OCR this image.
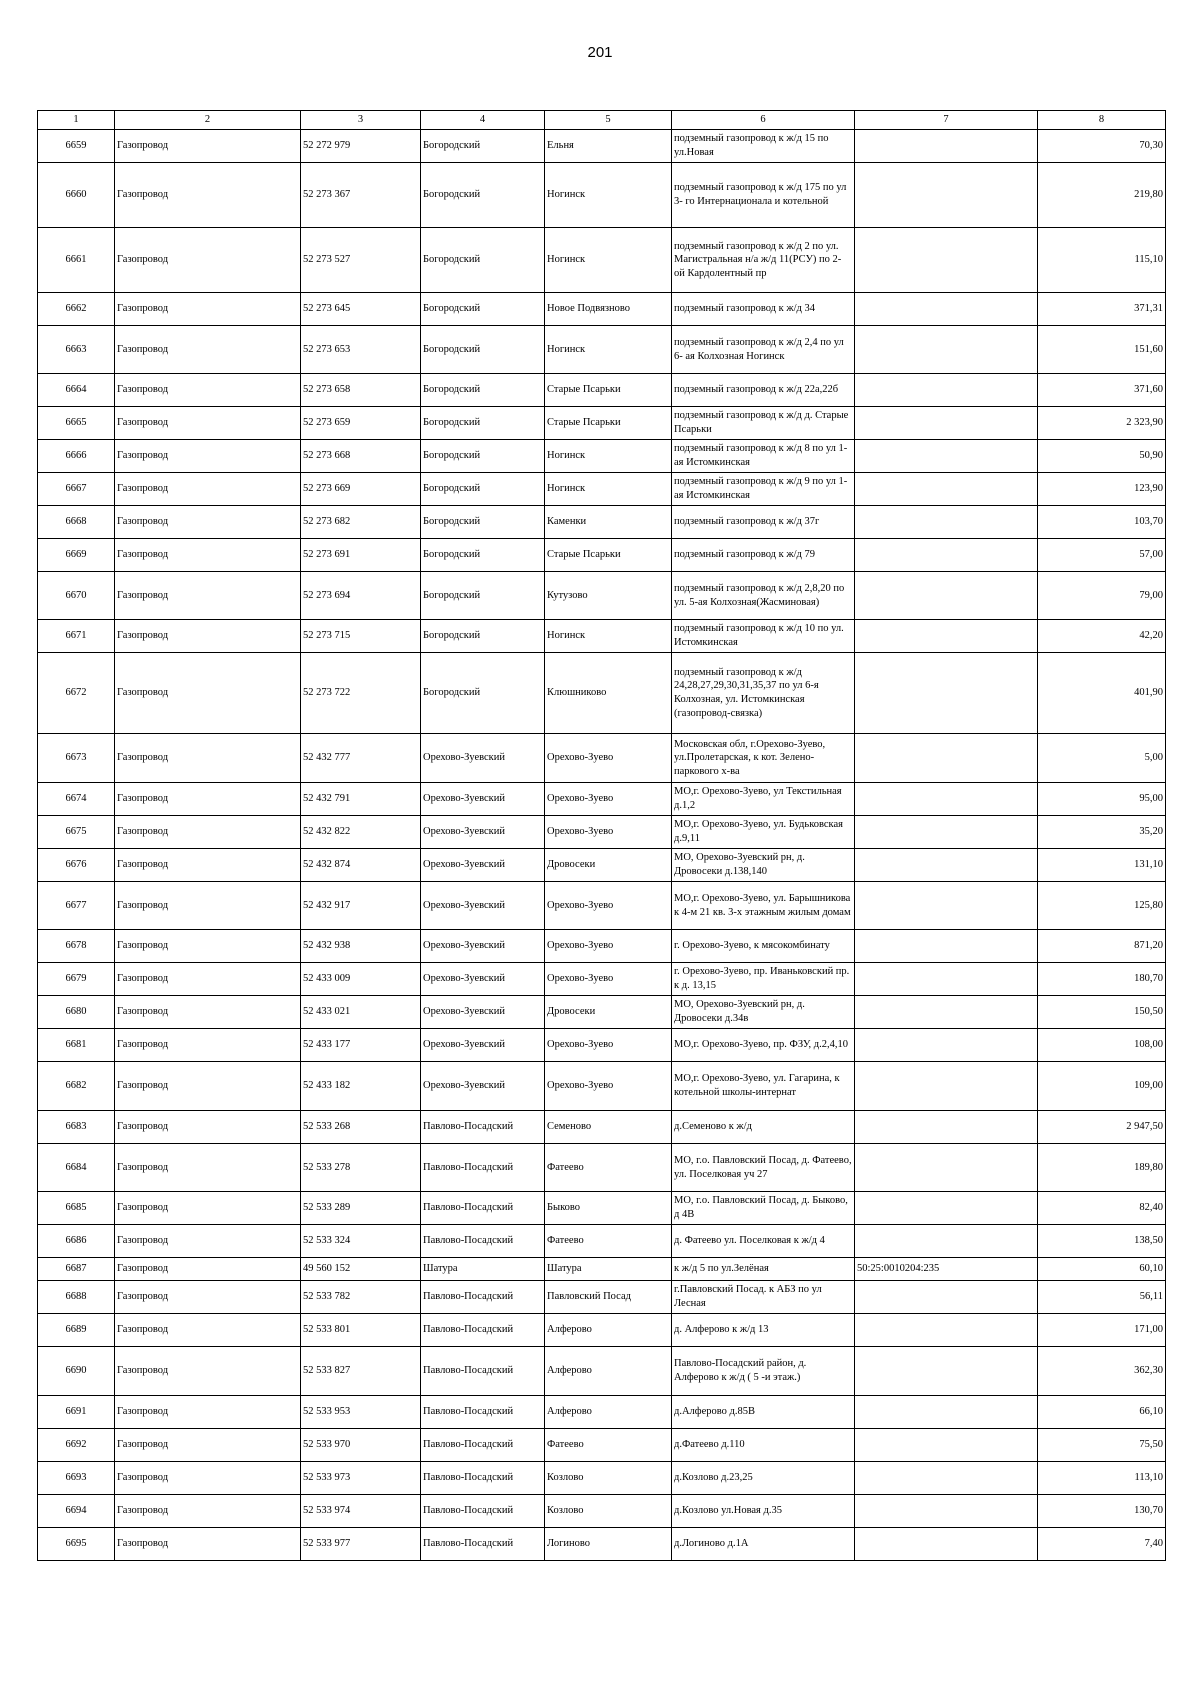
201
1	2	3	4	5	6	7	8
6659	Газопровод	52 272 979	Богородский	Ельня	подземный газопровод к ж/д 15 по ул.Новая		70,30
6660	Газопровод	52 273 367	Богородский	Ногинск	подземный газопровод к ж/д 175 по ул 3- го Интернационала и котельной		219,80
6661	Газопровод	52 273 527	Богородский	Ногинск	подземный газопровод к ж/д 2 по ул. Магистральная н/а ж/д 11(РСУ) по 2-ой Кардолентный пр		115,10
6662	Газопровод	52 273 645	Богородский	Новое Подвязново	подземный газопровод к ж/д 34		371,31
6663	Газопровод	52 273 653	Богородский	Ногинск	подземный газопровод к ж/д 2,4 по ул 6- ая Колхозная Ногинск		151,60
6664	Газопровод	52 273 658	Богородский	Старые Псарьки	подземный газопровод к ж/д 22а,22б		371,60
6665	Газопровод	52 273 659	Богородский	Старые Псарьки	подземный газопровод к ж/д д. Старые Псарьки		2 323,90
6666	Газопровод	52 273 668	Богородский	Ногинск	подземный газопровод к ж/д 8 по ул 1- ая Истомкинская		50,90
6667	Газопровод	52 273 669	Богородский	Ногинск	подземный газопровод к ж/д 9 по ул 1- ая Истомкинская		123,90
6668	Газопровод	52 273 682	Богородский	Каменки	подземный газопровод к ж/д 37г		103,70
6669	Газопровод	52 273 691	Богородский	Старые Псарьки	подземный газопровод к ж/д 79		57,00
6670	Газопровод	52 273 694	Богородский	Кутузово	подземный газопровод к ж/д 2,8,20 по ул. 5-ая Колхозная(Жасминовая)		79,00
6671	Газопровод	52 273 715	Богородский	Ногинск	подземный газопровод к ж/д 10 по ул. Истомкинская		42,20
6672	Газопровод	52 273 722	Богородский	Клюшниково	подземный газопровод к ж/д 24,28,27,29,30,31,35,37 по ул 6-я Колхозная, ул. Истомкинская (газопровод-связка)		401,90
6673	Газопровод	52 432 777	Орехово-Зуевский	Орехово-Зуево	Московская обл, г.Орехово-Зуево, ул.Пролетарская, к кот. Зелено-паркового х-ва		5,00
6674	Газопровод	52 432 791	Орехово-Зуевский	Орехово-Зуево	МО,г. Орехово-Зуево, ул Текстильная д.1,2		95,00
6675	Газопровод	52 432 822	Орехово-Зуевский	Орехово-Зуево	МО,г. Орехово-Зуево, ул. Будьковская д.9,11		35,20
6676	Газопровод	52 432 874	Орехово-Зуевский	Дровосеки	МО, Орехово-Зуевский рн, д. Дровосеки д.138,140		131,10
6677	Газопровод	52 432 917	Орехово-Зуевский	Орехово-Зуево	МО,г. Орехово-Зуево, ул. Барышникова к 4-м 21 кв. 3-х этажным жилым домам		125,80
6678	Газопровод	52 432 938	Орехово-Зуевский	Орехово-Зуево	г. Орехово-Зуево, к мясокомбинату		871,20
6679	Газопровод	52 433 009	Орехово-Зуевский	Орехово-Зуево	г. Орехово-Зуево, пр. Иваньковский пр. к д. 13,15		180,70
6680	Газопровод	52 433 021	Орехово-Зуевский	Дровосеки	МО, Орехово-Зуевский рн, д. Дровосеки д.34в		150,50
6681	Газопровод	52 433 177	Орехово-Зуевский	Орехово-Зуево	МО,г. Орехово-Зуево, пр. ФЗУ, д.2,4,10		108,00
6682	Газопровод	52 433 182	Орехово-Зуевский	Орехово-Зуево	МО,г. Орехово-Зуево, ул. Гагарина, к котельной школы-интернат		109,00
6683	Газопровод	52 533 268	Павлово-Посадский	Семеново	д.Семеново к ж/д		2 947,50
6684	Газопровод	52 533 278	Павлово-Посадский	Фатеево	МО, г.о. Павловский Посад, д. Фатеево, ул. Поселковая уч 27		189,80
6685	Газопровод	52 533 289	Павлово-Посадский	Быково	МО, г.о. Павловский Посад, д. Быково, д 4В		82,40
6686	Газопровод	52 533 324	Павлово-Посадский	Фатеево	д. Фатеево ул. Поселковая к ж/д 4		138,50
6687	Газопровод	49 560 152	Шатура	Шатура	к ж/д 5 по ул.Зелёная	50:25:0010204:235	60,10
6688	Газопровод	52 533 782	Павлово-Посадский	Павловский Посад	г.Павловский Посад. к АБЗ по ул Лесная		56,11
6689	Газопровод	52 533 801	Павлово-Посадский	Алферово	д. Алферово к ж/д 13		171,00
6690	Газопровод	52 533 827	Павлово-Посадский	Алферово	Павлово-Посадский район, д. Алферово к ж/д ( 5 -и этаж.)		362,30
6691	Газопровод	52 533 953	Павлово-Посадский	Алферово	д.Алферово д.85В		66,10
6692	Газопровод	52 533 970	Павлово-Посадский	Фатеево	д.Фатеево д.110		75,50
6693	Газопровод	52 533 973	Павлово-Посадский	Козлово	д.Козлово д.23,25		113,10
6694	Газопровод	52 533 974	Павлово-Посадский	Козлово	д.Козлово ул.Новая д.35		130,70
6695	Газопровод	52 533 977	Павлово-Посадский	Логиново	д.Логиново д.1А		7,40
